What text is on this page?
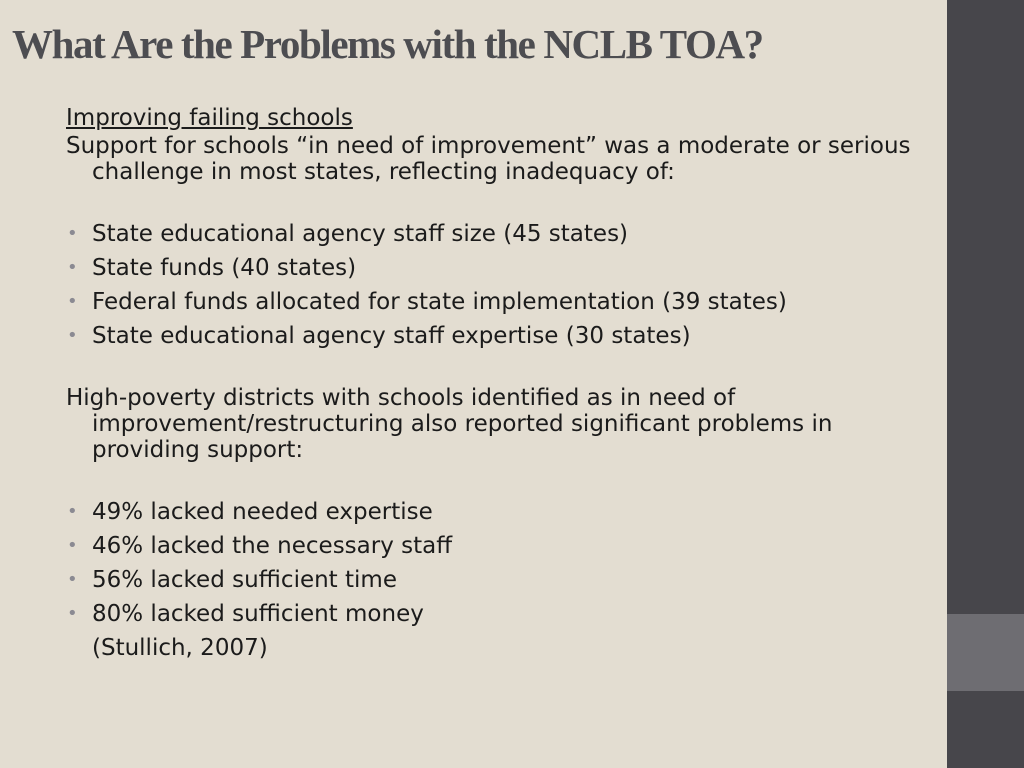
What Are the Problems with the NCLB TOA?

Improving failing schools

Support for schools “in need of improvement” was a moderate or serious challenge in most states, reflecting inadequacy of:

• State educational agency staff size (45 states)
• State funds (40 states)
• Federal funds allocated for state implementation (39 states)
• State educational agency staff expertise (30 states)

High-poverty districts with schools identified as in need of improvement/restructuring also reported significant problems in providing support:

• 49% lacked needed expertise
• 46% lacked the necessary staff
• 56% lacked sufficient time
• 80% lacked sufficient money

(Stullich, 2007)
